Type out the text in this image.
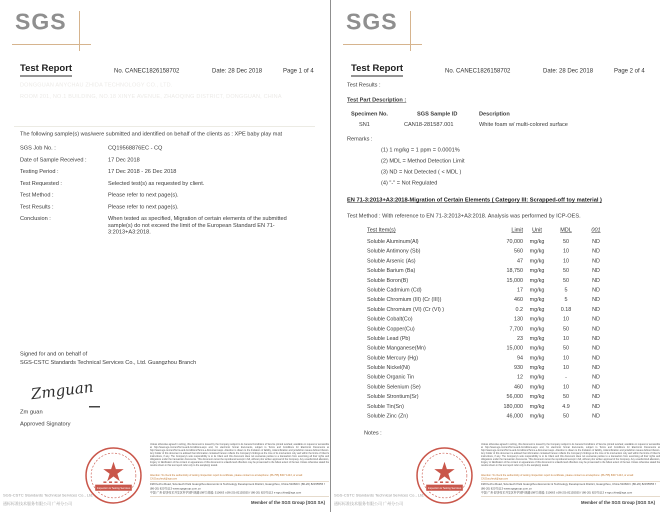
SGS
Test Report	No. CANEC1826158702	Date: 28 Dec 2018 Page 1 of 4
DONGGUAN ANYCHAU ZHIDA TECHNOLOGY CO., LTD.
ROOM 201, NO.1 BUILDING, NO.18 XINYE AVENUE, ZHAOQING DISTRICT, DONGGUAN, CHINA
The following sample(s) was/were submitted and identified on behalf of the clients as : XPE baby play mat
SGS Job No. :	CQ19568876EC - CQ
Date of Sample Received :	17 Dec 2018
Testing Period :	17 Dec 2018 - 26 Dec 2018
Test Requested :	Selected test(s) as requested by client.
Test Method :	Please refer to next page(s).
Test Results :	Please refer to next page(s).
Conclusion :	When tested as specified, Migration of certain elements of the submitted sample(s) do not exceed the limit of the European Standard EN 71-3:2013+A3:2018.
Signed for and on behalf of
SGS-CSTC Standards Technical Services Co., Ltd. Guangzhou Branch
Zmguan
Zm guan
Approved Signatory
SGS-CSTC Standards Technical Services Co., Ltd.
通标标准技术服务有限公司 广州分公司
Inspection & Testing Services
■ ■ ■ ■
Unless otherwise agreed in writing, this document is issued by the Company subject to its General Conditions of Service printed overleaf, available on request or accessible at http://www.sgs.com/en/Terms-and-Conditions.aspx and, for electronic format documents, subject to Terms and Conditions for Electronic Documents at http://www.sgs.com/en/Terms-and-Conditions/Terms-e-Document.aspx. Attention is drawn to the limitation of liability, indemnification and jurisdiction issues defined therein. Any holder of this document is advised that information contained hereon reflects the Company's findings at the time of its intervention only and within the limits of Client's instructions, if any. The Company's sole responsibility is to its Client and this document does not exonerate parties to a transaction from exercising all their rights and obligations under the transaction documents. This document cannot be reproduced except in full, without prior written approval of the Company. Any unauthorized alteration, forgery or falsification of the content or appearance of this document is unlawful and offenders may be prosecuted to the fullest extent of the law. Unless otherwise stated the results shown in this test report refer only to the sample(s) tested.
Attention: To check the authenticity of testing /inspection report & certificate, please contact us at telephone: (86-755) 8307 1443, or email: CN.Doccheck@sgs.com
198 Kezhu Road, Scientech Park Guangzhou Economic & Technology Development District, Guangzhou, China 510663 t (86-20) 82155555 f (86-20) 82075113 www.sgsgroup.com.cn
中国·广州·经济技术开发区科学城科珠路198号 邮编: 510663 t (86-20) 82155555 f (86-20) 82075113 e sgs.china@sgs.com
Member of the SGS Group (SGS SA)
SGS
Test Report	No. CANEC1826158702	Date: 28 Dec 2018 Page 2 of 4
Test Results :
Test Part Description :
Specimen No.	SGS Sample ID Description
SN1	CAN18-281587.001 White foam w/ multi-colored surface
Remarks :
(1) 1 mg/kg = 1 ppm = 0.0001%
(2) MDL = Method Detection Limit
(3) ND = Not Detected ( < MDL )
(4) "-" = Not Regulated
EN 71-3:2013+A3:2018-Migration of Certain Elements ( Category III: Scrapped-off toy material )
Test Method : With reference to EN 71-3:2013+A3:2018. Analysis was performed by ICP-OES.
Test Item(s)	Limit Unit	MDL	001
Soluble Aluminum(Al)	70,000 mg/kg	50	ND
Soluble Antimony (Sb)	560 mg/kg	10	ND
Soluble Arsenic (As)	47 mg/kg	10	ND
Soluble Barium (Ba)	18,750 mg/kg	50	ND
Soluble Boron(B)	15,000 mg/kg	50	ND
Soluble Cadmium (Cd)	17 mg/kg	5	ND
Soluble Chromium (III) (Cr (III))	460 mg/kg	5	ND
Soluble Chromium (VI) (Cr (VI) )	0.2 mg/kg	0.18	ND
Soluble Cobalt(Co)	130 mg/kg	10	ND
Soluble Copper(Cu)	7,700 mg/kg	50	ND
Soluble Lead (Pb)	23 mg/kg	10	ND
Soluble Manganese(Mn)	15,000 mg/kg	50	ND
Soluble Mercury (Hg)	94 mg/kg	10	ND
Soluble Nickel(Ni)	930 mg/kg	10	ND
Soluble Organic Tin	12 mg/kg	-	ND
Soluble Selenium (Se)	460 mg/kg	10	ND
Soluble Strontium(Sr)	56,000 mg/kg	50	ND
Soluble Tin(Sn)	180,000 mg/kg	4.9	ND
Soluble Zinc (Zn)	46,000 mg/kg	50	ND
Notes :
SGS-CSTC Standards Technical Services Co., Ltd.
通标标准技术服务有限公司 广州分公司
Inspection & Testing Services
■ ■ ■ ■
Unless otherwise agreed in writing, this document is issued by the Company subject to its General Conditions of Service printed overleaf, available on request or accessible at http://www.sgs.com/en/Terms-and-Conditions.aspx and, for electronic format documents, subject to Terms and Conditions for Electronic Documents at http://www.sgs.com/en/Terms-and-Conditions/Terms-e-Document.aspx. Attention is drawn to the limitation of liability, indemnification and jurisdiction issues defined therein. Any holder of this document is advised that information contained hereon reflects the Company's findings at the time of its intervention only and within the limits of Client's instructions, if any. The Company's sole responsibility is to its Client and this document does not exonerate parties to a transaction from exercising all their rights and obligations under the transaction documents. This document cannot be reproduced except in full, without prior written approval of the Company. Any unauthorized alteration, forgery or falsification of the content or appearance of this document is unlawful and offenders may be prosecuted to the fullest extent of the law. Unless otherwise stated the results shown in this test report refer only to the sample(s) tested.
Attention: To check the authenticity of testing /inspection report & certificate, please contact us at telephone: (86-755) 8307 1443, or email: CN.Doccheck@sgs.com
198 Kezhu Road, Scientech Park Guangzhou Economic & Technology Development District, Guangzhou, China 510663 t (86-20) 82155555 f (86-20) 82075113 www.sgsgroup.com.cn
中国·广州·经济技术开发区科学城科珠路198号 邮编: 510663 t (86-20) 82155555 f (86-20) 82075113 e sgs.china@sgs.com
Member of the SGS Group (SGS SA)
